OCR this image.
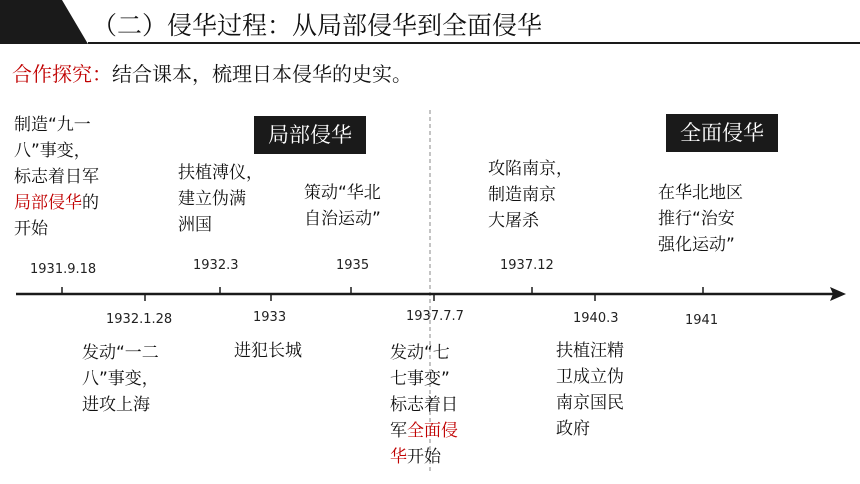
（二）侵华过程：从局部侵华到全面侵华
合作探究：结合课本，梳理日本侵华的史实。
局部侵华	全面侵华
1931.9.18
1932.1.28
1932.3
1933
1935
1937.7.7
1937.12
1940.3	1941
制造“九一
八”事变，
标志着日军
局部侵华的
开始
发动“一二
八”事变，
进攻上海
扶植溥仪，
建立伪满
洲国
进犯长城
策动“华北
自治运动”
发动“七
七事变”
标志着日
军全面侵
华开始
攻陷南京，
制造南京
大屠杀
扶植汪精
卫成立伪
南京国民
政府
在华北地区
推行“治安
强化运动”
